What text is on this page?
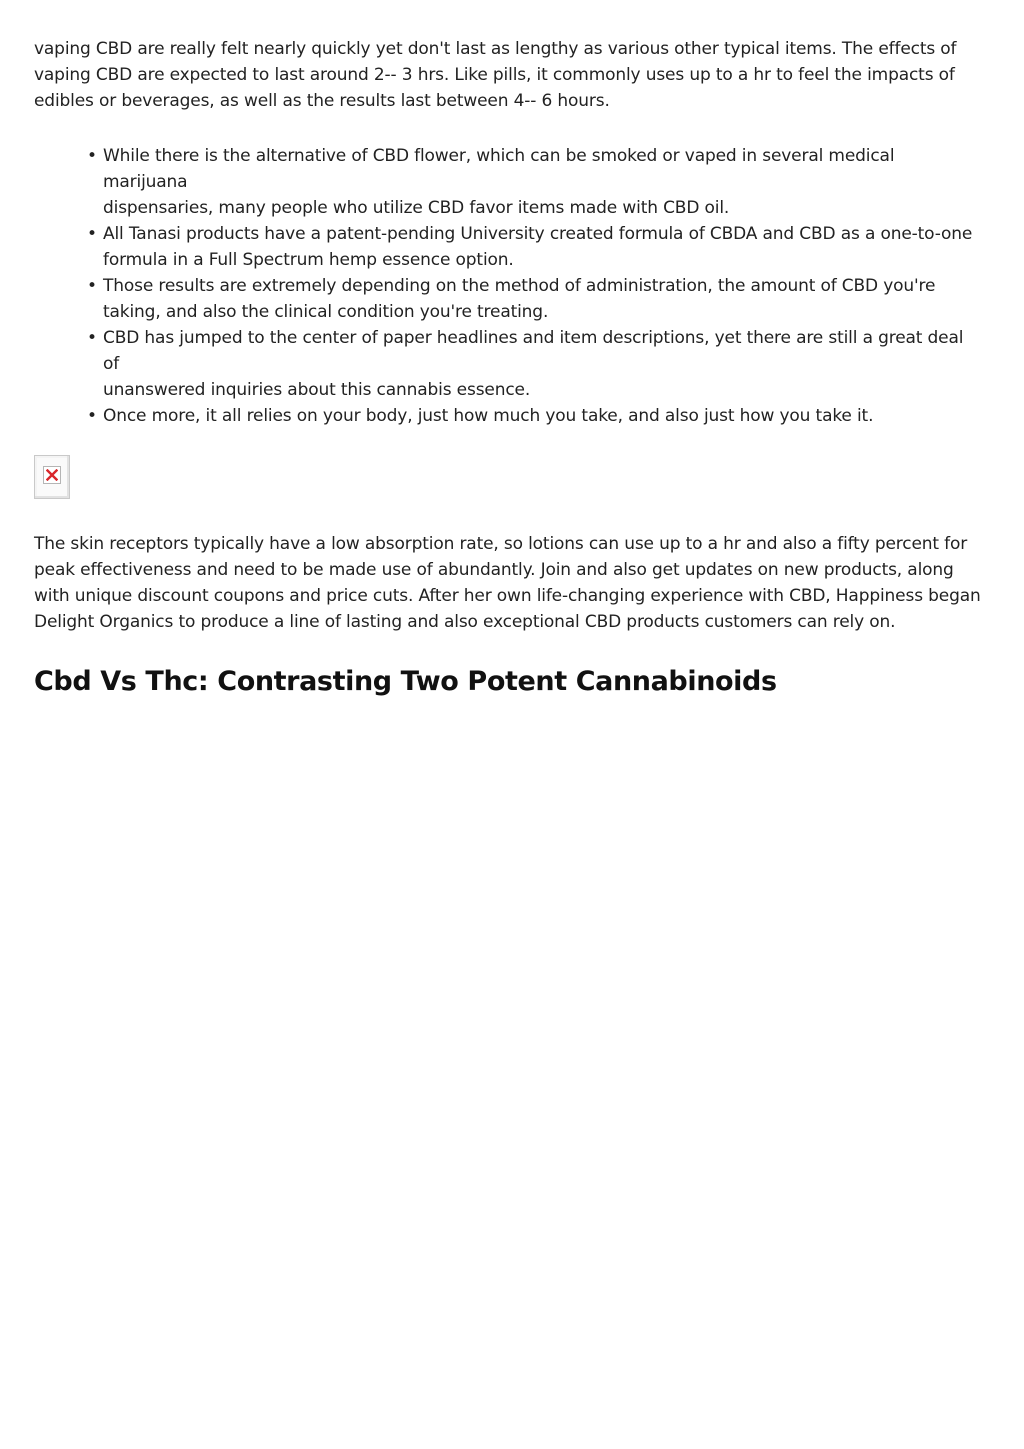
vaping CBD are really felt nearly quickly yet don't last as lengthy as various other typical items. The effects of
vaping CBD are expected to last around 2-- 3 hrs. Like pills, it commonly uses up to a hr to feel the impacts of
edibles or beverages, as well as the results last between 4-- 6 hours.

• While there is the alternative of CBD flower, which can be smoked or vaped in several medical marijuana
dispensaries, many people who utilize CBD favor items made with CBD oil.
• All Tanasi products have a patent-pending University created formula of CBDA and CBD as a one-to-one
formula in a Full Spectrum hemp essence option.
• Those results are extremely depending on the method of administration, the amount of CBD you're
taking, and also the clinical condition you're treating.
• CBD has jumped to the center of paper headlines and item descriptions, yet there are still a great deal of
unanswered inquiries about this cannabis essence.
• Once more, it all relies on your body, just how much you take, and also just how you take it.

The skin receptors typically have a low absorption rate, so lotions can use up to a hr and also a fifty percent for
peak effectiveness and need to be made use of abundantly. Join and also get updates on new products, along
with unique discount coupons and price cuts. After her own life-changing experience with CBD, Happiness began
Delight Organics to produce a line of lasting and also exceptional CBD products customers can rely on.

Cbd Vs Thc: Contrasting Two Potent Cannabinoids
